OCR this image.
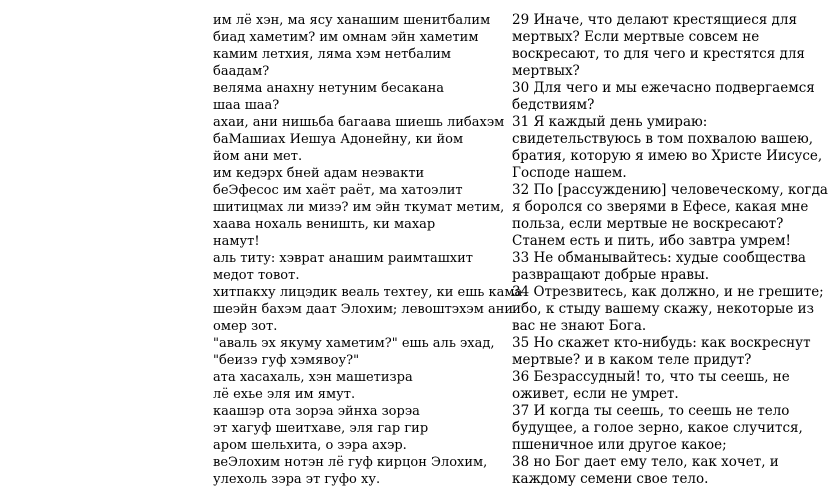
им лё хэн, ма ясу ханашим шенитбалим
биад хаметим? им омнам эйн хаметим
камим летхия, лямa хэм нетбалим
баадам?
веляма анахну нетуним бесакана
шаа шаа?
ахаи, ани нишьба багаава шиешь либахэм
баМашиах Иешуа Адонейну, ки йом
йом ани мет.
им кедэрх бней адам неэвакти
беЭфесос им хаёт раёт, ма хатоэлит
шитицмах ли мизэ? им эйн ткумат метим,
хаава нохаль веништь, ки махар
намут!
аль титу: хэврат анашим раимташхит
медот товот.
хитпакху лицэдик веаль техтеу, ки ешь кама
шеэйн бахэм даат Элохим; левоштэхэм ани
омер зот.
"аваль эх якуму хаметим?" ешь аль эхад,
"беизэ гуф хэмявоу?"
ата хасахаль, хэн машетизра
лё ехье эля им ямут.
каашэр ота зорэа эйнха зорэа
эт хагуф шеитхаве, эля гар гир
аром шельхита, о зэра ахэр.
веЭлохим нотэн лё гуф кирцон Элохим,
улехоль зэра эт гуфо ху.
29 Иначе, что делают крестящиеся для
мертвых? Если мертвые совсем не
воскресают, то для чего и крестятся для
мертвых?
30 Для чего и мы ежечасно подвергаемся
бедствиям?
31 Я каждый день умираю:
свидетельствуюсь в том похвалою вашею,
братия, которую я имею во Христе Иисусе,
Господе нашем.
32 По [рассуждению] человеческому, когда
я боролся со зверями в Ефесе, какая мне
польза, если мертвые не воскресают?
Станем есть и пить, ибо завтра умрем!
33 Не обманывайтесь: худые сообщества
развращают добрые нравы.
34 Отрезвитесь, как должно, и не грешите;
ибо, к стыду вашему скажу, некоторые из
вас не знают Бога.
35 Но скажет кто-нибудь: как воскреснут
мертвые? и в каком теле придут?
36 Безрассудный! то, что ты сеешь, не
оживет, если не умрет.
37 И когда ты сеешь, то сеешь не тело
будущее, а голое зерно, какое случится,
пшеничное или другое какое;
38 но Бог дает ему тело, как хочет, и
каждому семени свое тело.
